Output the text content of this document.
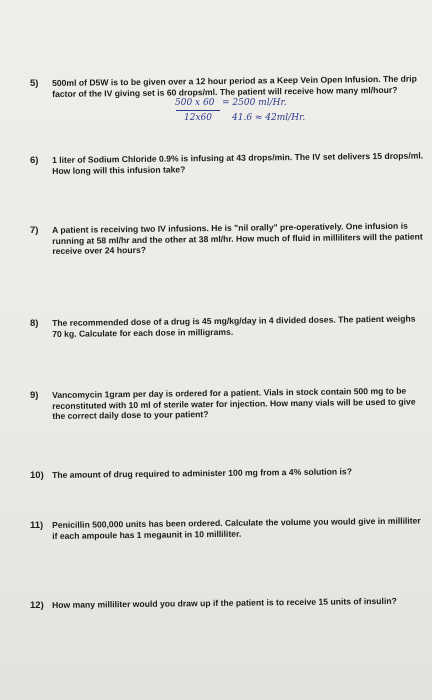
5) 500ml of D5W is to be given over a 12 hour period as a Keep Vein Open Infusion. The drip factor of the IV giving set is 60 drops/ml. The patient will receive how many ml/hour?
500 x 60 = 2500 ml/Hr.
12x60 41.6 ≈ 42ml/Hr.
6) 1 liter of Sodium Chloride 0.9% is infusing at 43 drops/min. The IV set delivers 15 drops/ml. How long will this infusion take?
7) A patient is receiving two IV infusions. He is "nil orally" pre-operatively. One infusion is running at 58 ml/hr and the other at 38 ml/hr. How much of fluid in milliliters will the patient receive over 24 hours?
8) The recommended dose of a drug is 45 mg/kg/day in 4 divided doses. The patient weighs 70 kg. Calculate for each dose in milligrams.
9) Vancomycin 1gram per day is ordered for a patient. Vials in stock contain 500 mg to be reconstituted with 10 ml of sterile water for injection. How many vials will be used to give the correct daily dose to your patient?
10) The amount of drug required to administer 100 mg from a 4% solution is?
11) Penicillin 500,000 units has been ordered. Calculate the volume you would give in milliliter if each ampoule has 1 megaunit in 10 milliliter.
12) How many milliliter would you draw up if the patient is to receive 15 units of insulin?
